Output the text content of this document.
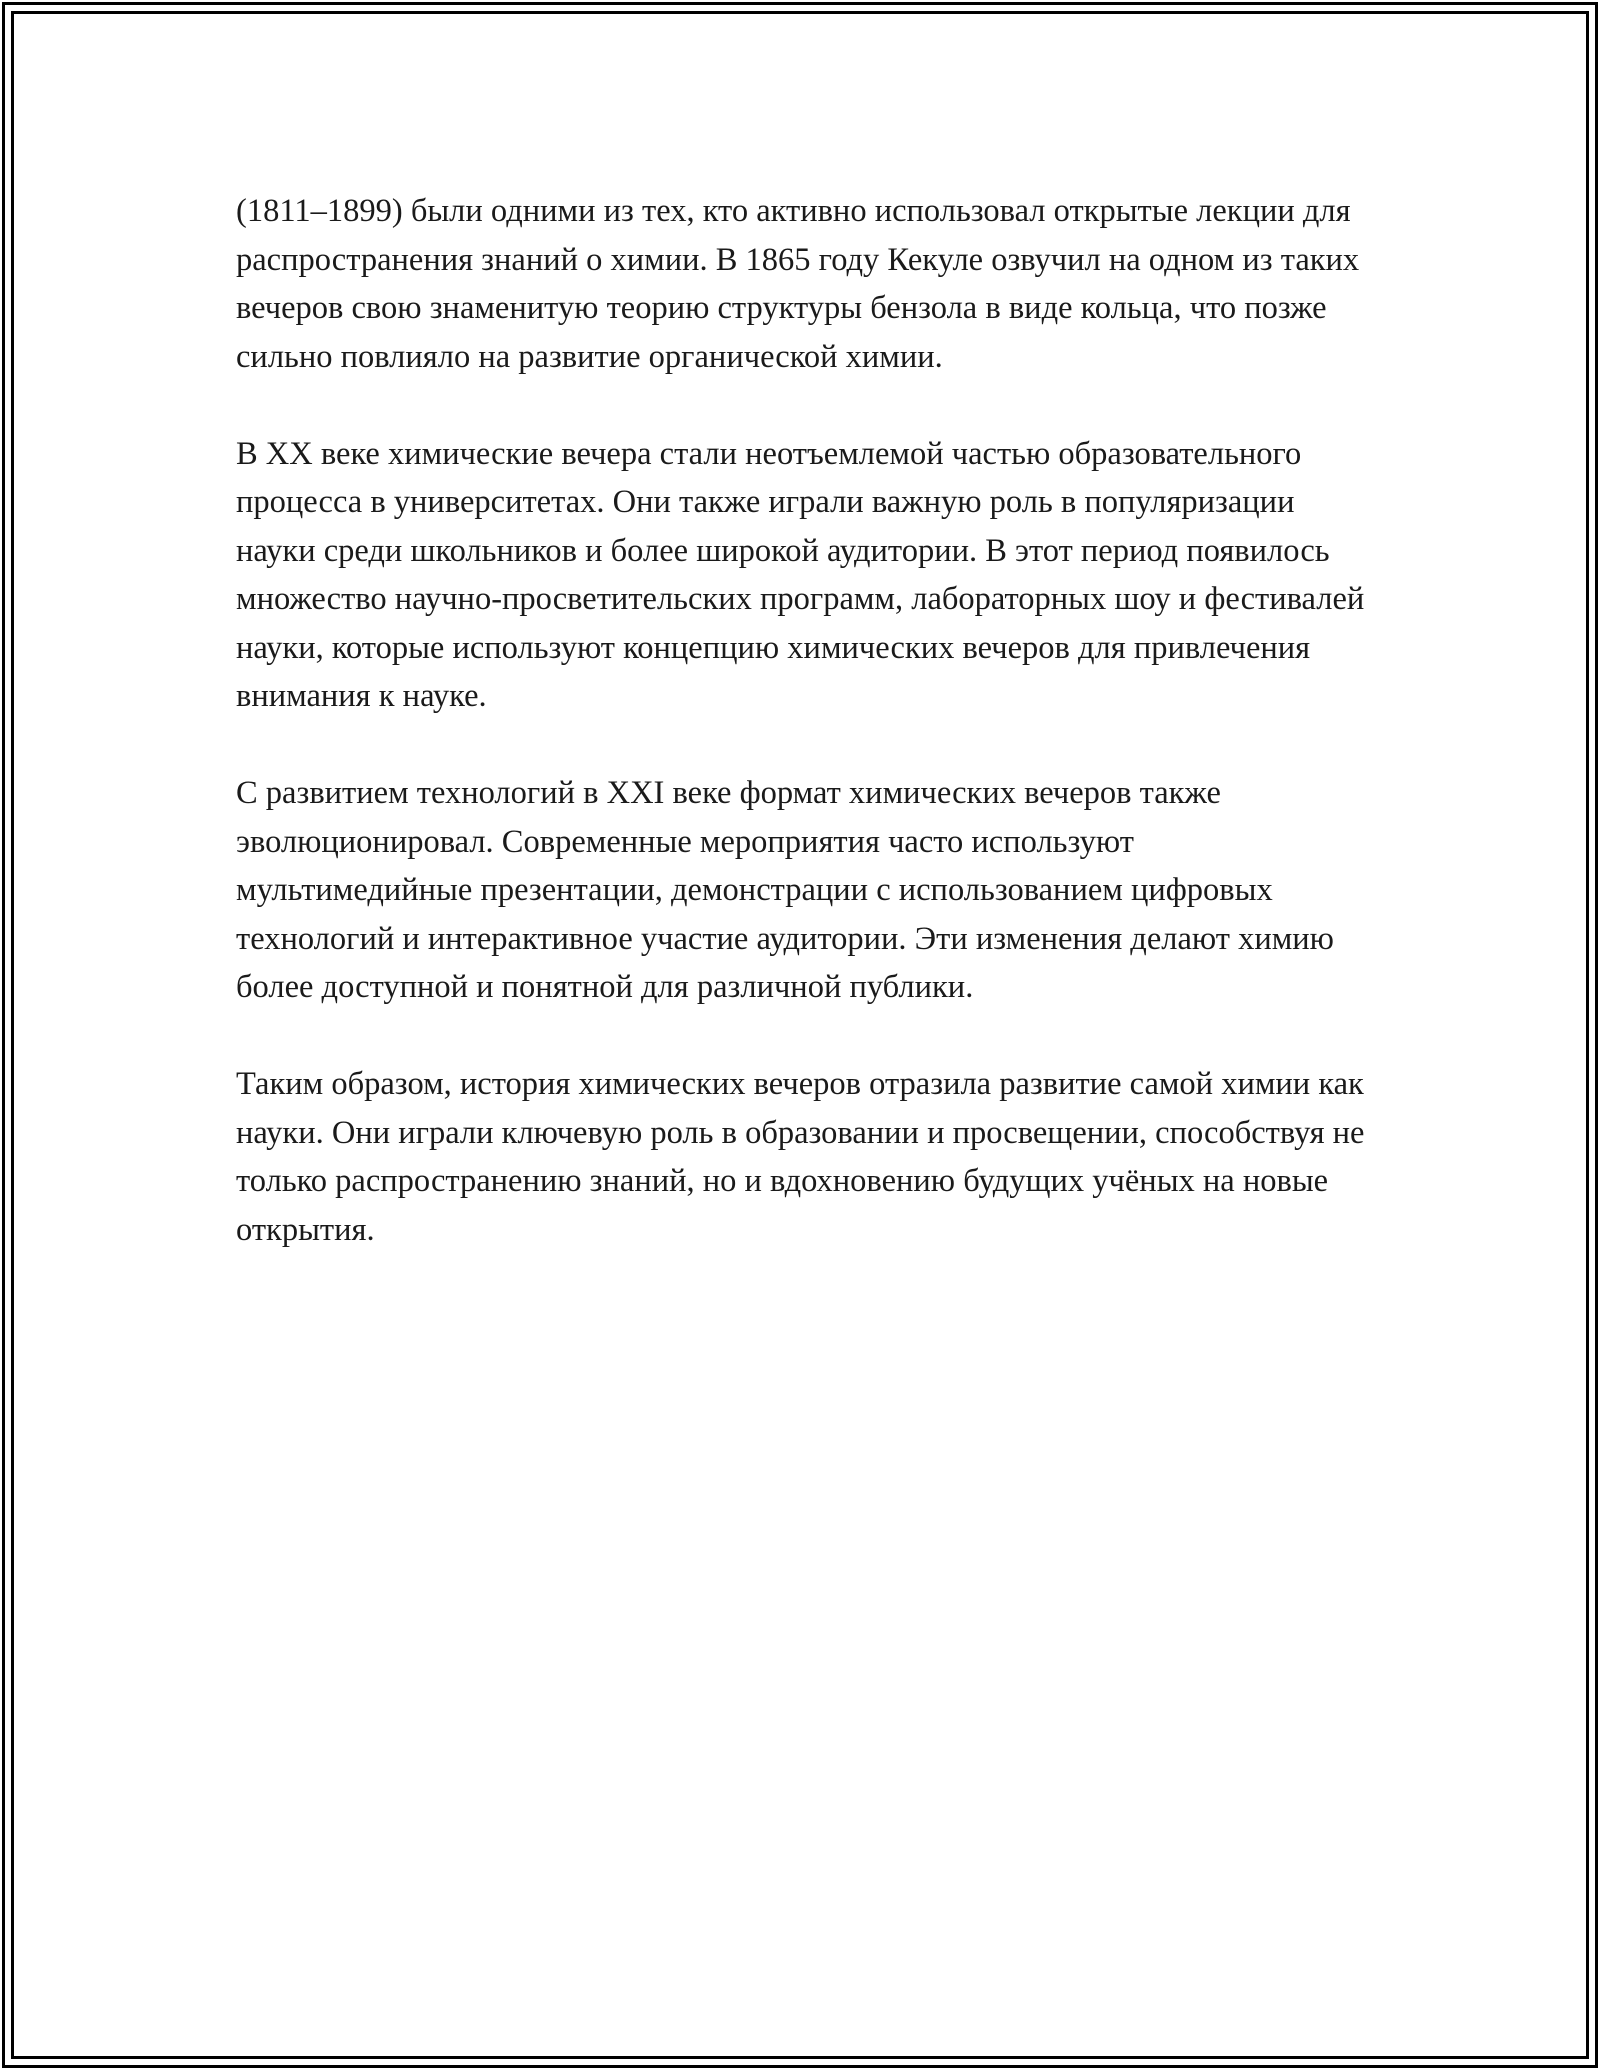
(1811–1899) были одними из тех, кто активно использовал открытые лекции для распространения знаний о химии. В 1865 году Кекуле озвучил на одном из таких вечеров свою знаменитую теорию структуры бензола в виде кольца, что позже сильно повлияло на развитие органической химии.

В XX веке химические вечера стали неотъемлемой частью образовательного процесса в университетах. Они также играли важную роль в популяризации науки среди школьников и более широкой аудитории. В этот период появилось множество научно-просветительских программ, лабораторных шоу и фестивалей науки, которые используют концепцию химических вечеров для привлечения внимания к науке.

С развитием технологий в XXI веке формат химических вечеров также эволюционировал. Современные мероприятия часто используют мультимедийные презентации, демонстрации с использованием цифровых технологий и интерактивное участие аудитории. Эти изменения делают химию более доступной и понятной для различной публики.

Таким образом, история химических вечеров отразила развитие самой химии как науки. Они играли ключевую роль в образовании и просвещении, способствуя не только распространению знаний, но и вдохновению будущих учёных на новые открытия.
